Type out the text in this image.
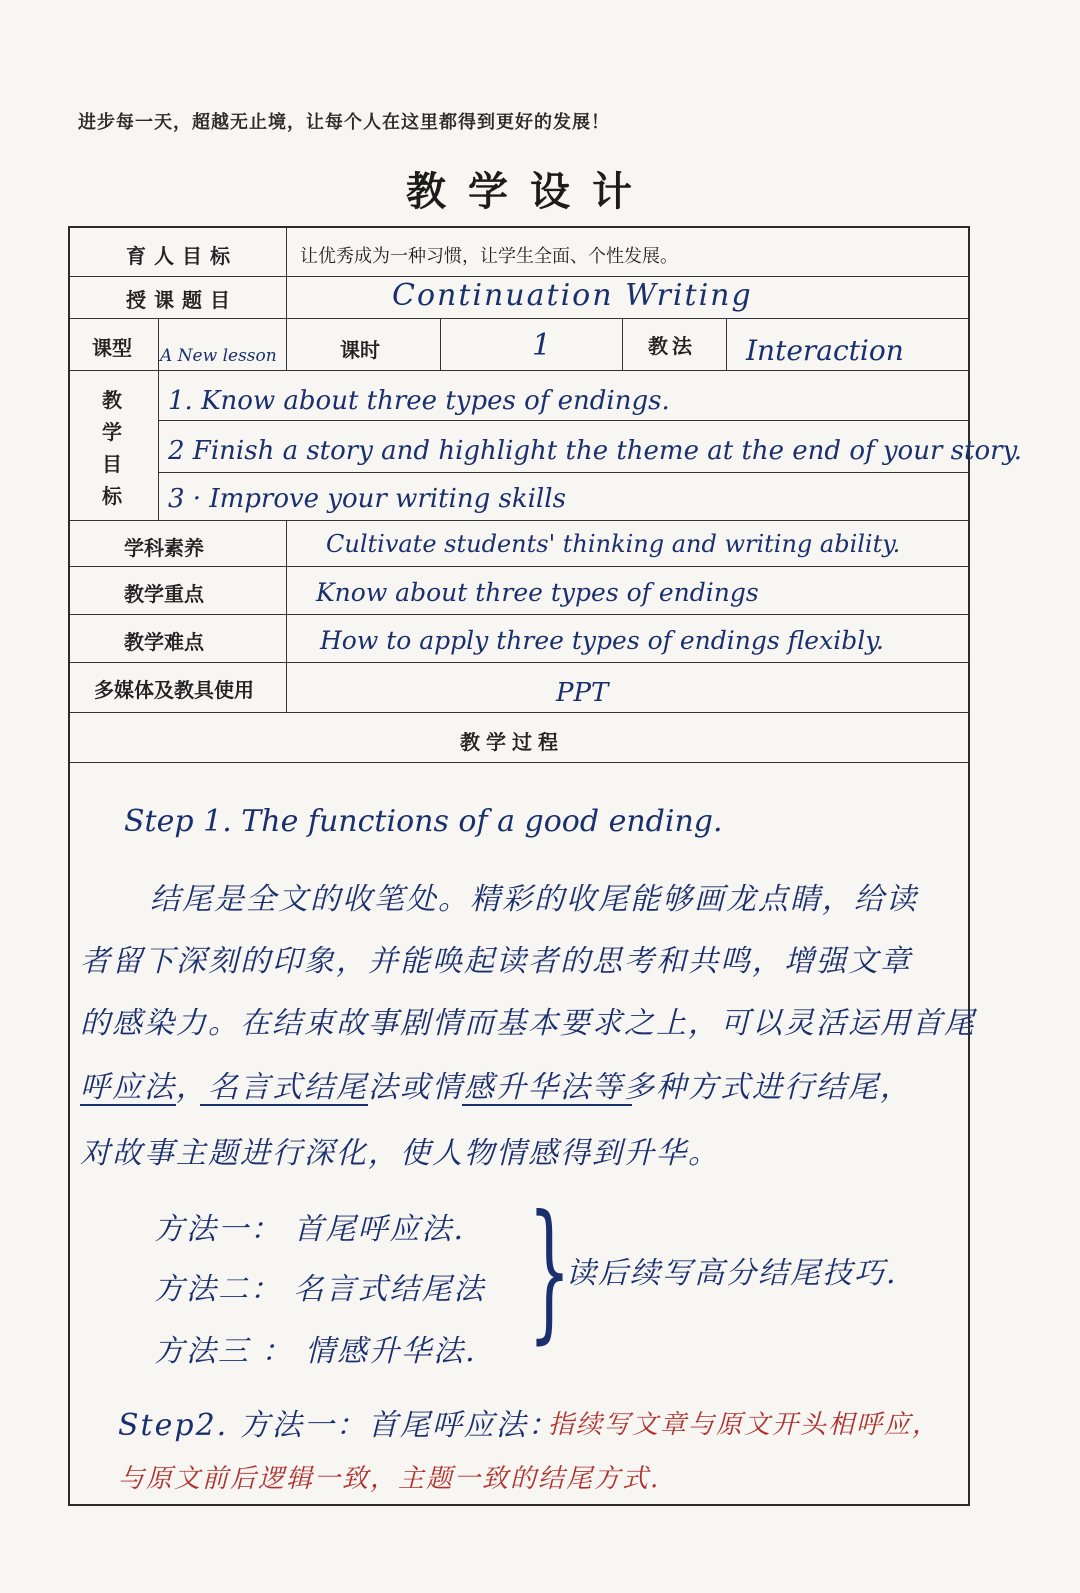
进步每一天，超越无止境，让每个人在这里都得到更好的发展！
教学设计
育人目标	让优秀成为一种习惯，让学生全面、个性发展。
授课题目	Continuation Writing
课型 A New lesson	课时	1	教法 Interaction
教
学
目
标
1. Know about three types of endings.
2 Finish a story and highlight the theme at the end of your story.
3 · Improve your writing skills
学科素养	Cultivate students' thinking and writing ability.
教学重点	Know about three types of endings
教学难点	How to apply three types of endings flexibly.
多媒体及教具使用	PPT
教学过程
Step 1. The functions of a good ending.
结尾是全文的收笔处。精彩的收尾能够画龙点睛，给读
者留下深刻的印象，并能唤起读者的思考和共鸣，增强文章
的感染力。在结束故事剧情而基本要求之上，可以灵活运用首尾
呼应法，名言式结尾法或情感升华法等多种方式进行结尾，
对故事主题进行深化，使人物情感得到升华。
方法一： 首尾呼应法.
方法二： 名言式结尾法
方法三 ： 情感升华法. }
读后续写高分结尾技巧.
Step2. 方法一：首尾呼应法：
指续写文章与原文开头相呼应，
与原文前后逻辑一致，主题一致的结尾方式.
